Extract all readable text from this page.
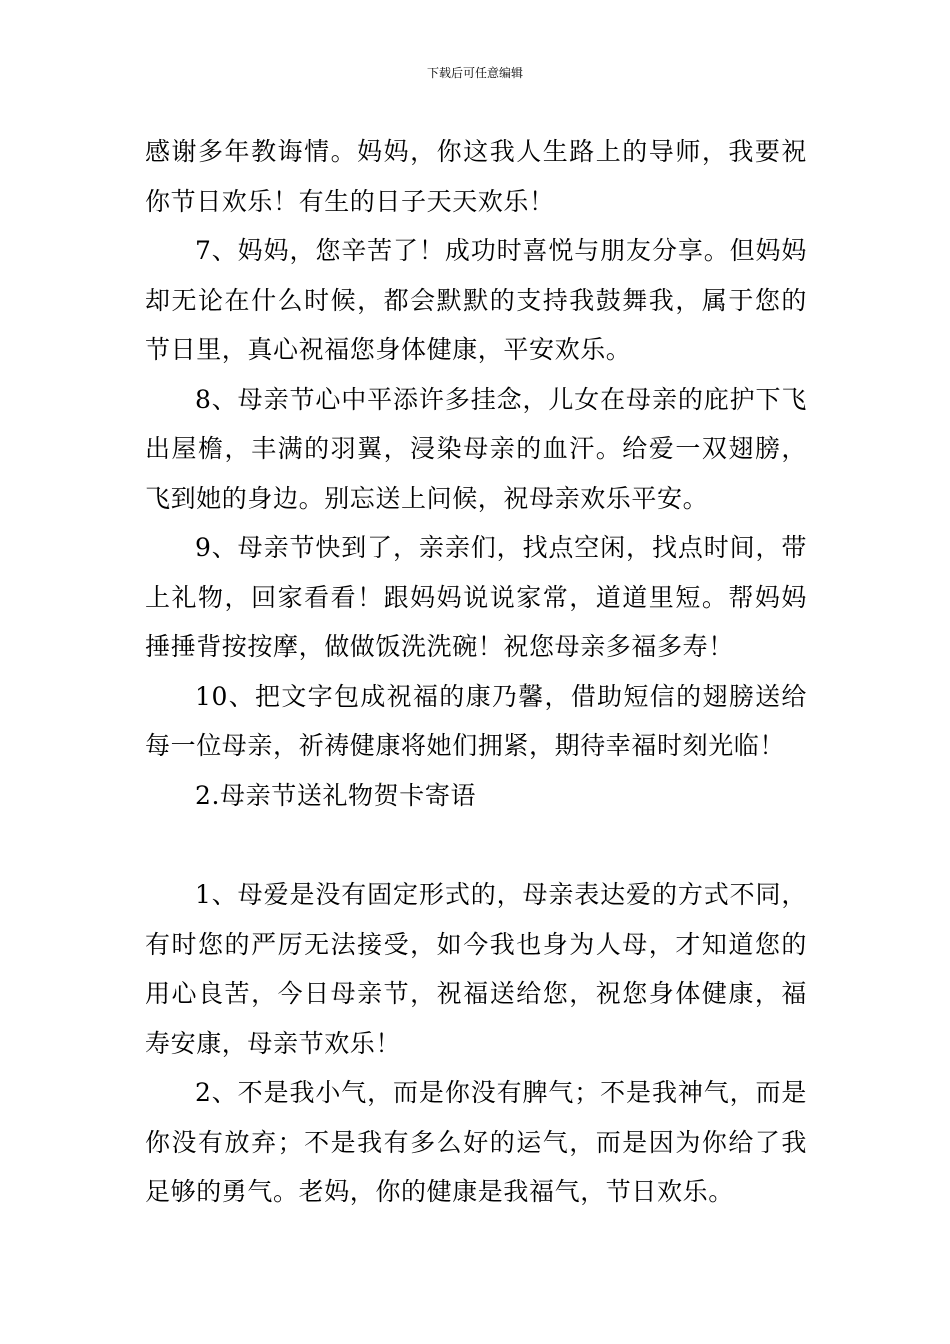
下载后可任意编辑

感谢多年教诲情。妈妈，你这我人生路上的导师，我要祝你节日欢乐！有生的日子天天欢乐！

7、妈妈，您辛苦了！成功时喜悦与朋友分享。但妈妈却无论在什么时候，都会默默的支持我鼓舞我，属于您的节日里，真心祝福您身体健康，平安欢乐。

8、母亲节心中平添许多挂念，儿女在母亲的庇护下飞出屋檐，丰满的羽翼，浸染母亲的血汗。给爱一双翅膀，飞到她的身边。别忘送上问候，祝母亲欢乐平安。

9、母亲节快到了，亲亲们，找点空闲，找点时间，带上礼物，回家看看！跟妈妈说说家常，道道里短。帮妈妈捶捶背按按摩，做做饭洗洗碗！祝您母亲多福多寿！

10、把文字包成祝福的康乃馨，借助短信的翅膀送给每一位母亲，祈祷健康将她们拥紧，期待幸福时刻光临！

2.母亲节送礼物贺卡寄语

1、母爱是没有固定形式的，母亲表达爱的方式不同，有时您的严厉无法接受，如今我也身为人母，才知道您的用心良苦，今日母亲节，祝福送给您，祝您身体健康，福寿安康，母亲节欢乐！

2、不是我小气，而是你没有脾气；不是我神气，而是你没有放弃；不是我有多么好的运气，而是因为你给了我足够的勇气。老妈，你的健康是我福气，节日欢乐。
